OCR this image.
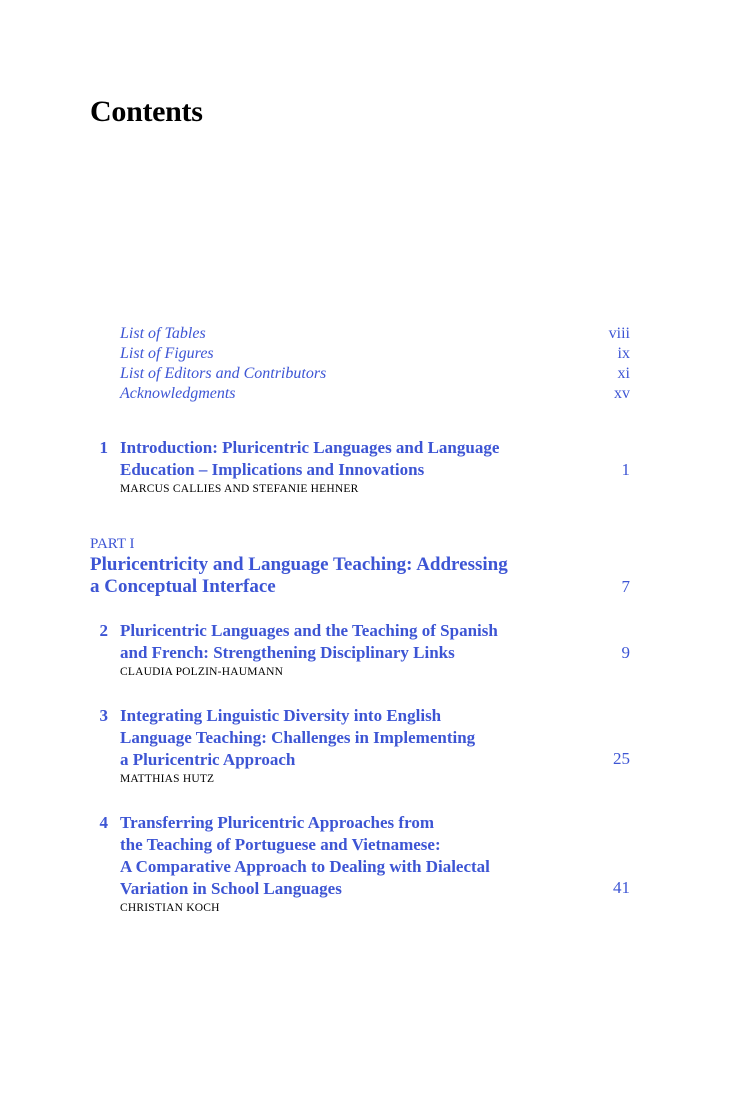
Contents
List of Tables	viii
List of Figures	ix
List of Editors and Contributors	xi
Acknowledgments	xv
1 Introduction: Pluricentric Languages and Language
Education – Implications and Innovations	1
MARCUS CALLIES AND STEFANIE HEHNER
PART I
Pluricentricity and Language Teaching: Addressing
a Conceptual Interface	7
2 Pluricentric Languages and the Teaching of Spanish
and French: Strengthening Disciplinary Links	9
CLAUDIA POLZIN-HAUMANN
3 Integrating Linguistic Diversity into English
Language Teaching: Challenges in Implementing
a Pluricentric Approach	25
MATTHIAS HUTZ
4 Transferring Pluricentric Approaches from
the Teaching of Portuguese and Vietnamese:
A Comparative Approach to Dealing with Dialectal
Variation in School Languages	41
CHRISTIAN KOCH
